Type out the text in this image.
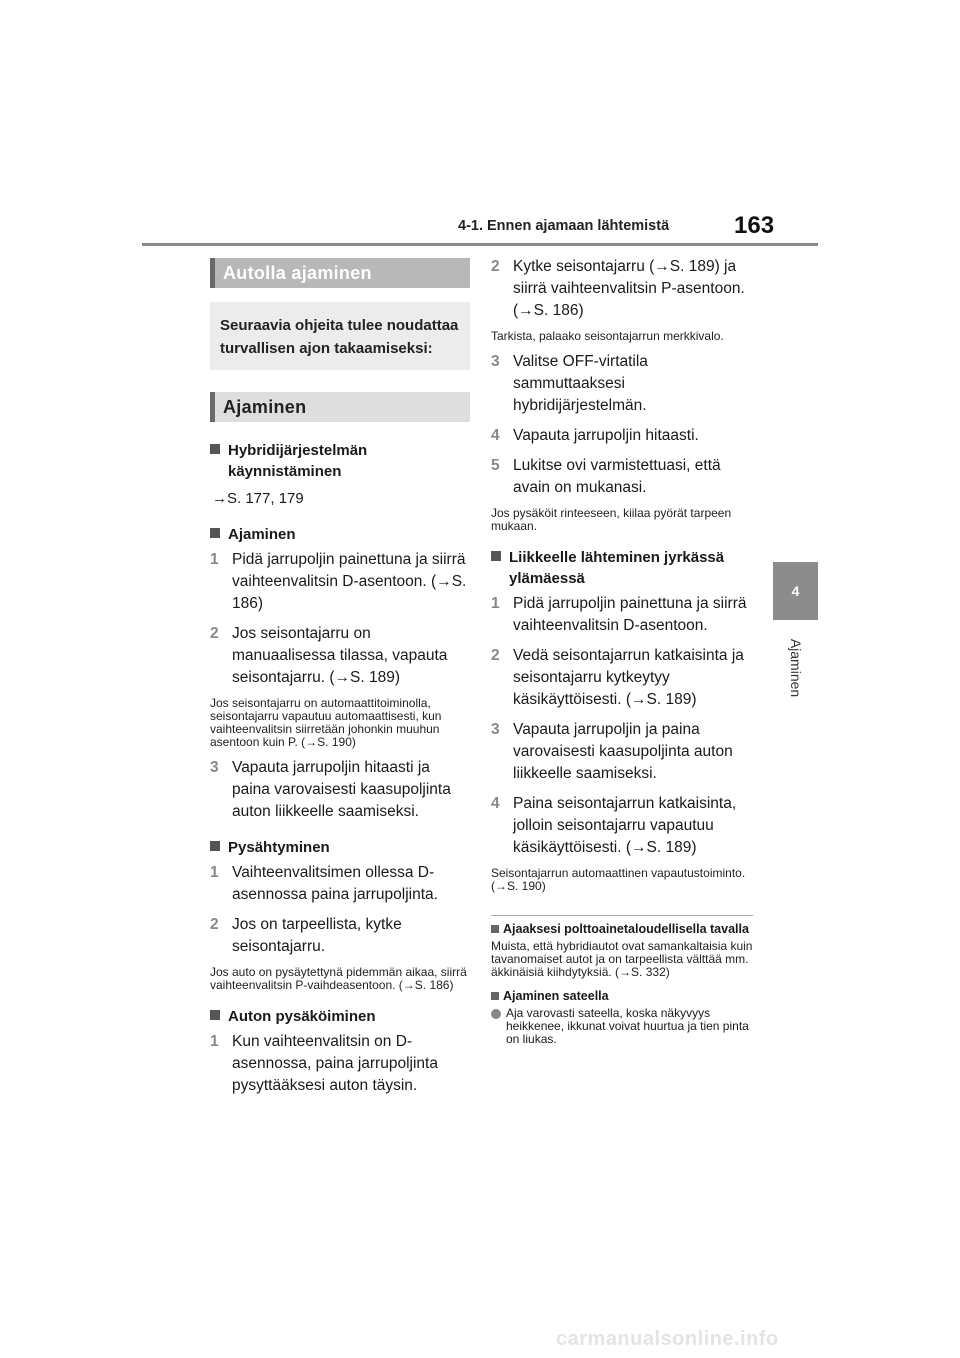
4-1. Ennen ajamaan lähtemistä	163
4
Ajaminen
Autolla ajaminen
Seuraavia ohjeita tulee noudattaa turvallisen ajon takaamiseksi:
Ajaminen
Hybridijärjestelmän käynnistäminen
→S. 177, 179
Ajaminen
1 Pidä jarrupoljin painettuna ja siirrä vaihteenvalitsin D-asentoon. (→S. 186)
2 Jos seisontajarru on manuaalisessa tilassa, vapauta seisontajarru. (→S. 189)
Jos seisontajarru on automaattitoiminolla, seisontajarru vapautuu automaattisesti, kun vaihteenvalitsin siirretään johonkin muuhun asentoon kuin P. (→S. 190)
3 Vapauta jarrupoljin hitaasti ja paina varovaisesti kaasupoljinta auton liikkeelle saamiseksi.
Pysähtyminen
1 Vaihteenvalitsimen ollessa D-asennossa paina jarrupoljinta.
2 Jos on tarpeellista, kytke seisontajarru.
Jos auto on pysäytettynä pidemmän aikaa, siirrä vaihteenvalitsin P-vaihdeasentoon. (→S. 186)
Auton pysäköiminen
1 Kun vaihteenvalitsin on D-asennossa, paina jarrupoljinta pysyttääksesi auton täysin.
2 Kytke seisontajarru (→S. 189) ja siirrä vaihteenvalitsin P-asentoon. (→S. 186)
Tarkista, palaako seisontajarrun merkkivalo.
3 Valitse OFF-virtatila sammuttaaksesi hybridijärjestelmän.
4 Vapauta jarrupoljin hitaasti.
5 Lukitse ovi varmistettuasi, että avain on mukanasi.
Jos pysäköit rinteeseen, kiilaa pyörät tarpeen mukaan.
Liikkeelle lähteminen jyrkässä ylämäessä
1 Pidä jarrupoljin painettuna ja siirrä vaihteenvalitsin D-asentoon.
2 Vedä seisontajarrun katkaisinta ja seisontajarru kytkeytyy käsikäyttöisesti. (→S. 189)
3 Vapauta jarrupoljin ja paina varovaisesti kaasupoljinta auton liikkeelle saamiseksi.
4 Paina seisontajarrun katkaisinta, jolloin seisontajarru vapautuu käsikäyttöisesti. (→S. 189)
Seisontajarrun automaattinen vapautustoiminto. (→S. 190)
Ajaaksesi polttoainetaloudellisella tavalla
Muista, että hybridiautot ovat samankaltaisia kuin tavanomaiset autot ja on tarpeellista välttää mm. äkkinäisiä kiihdytyksiä. (→S. 332)
Ajaminen sateella
Aja varovasti sateella, koska näkyvyys heikkenee, ikkunat voivat huurtua ja tien pinta on liukas.
carmanualsonline.info
